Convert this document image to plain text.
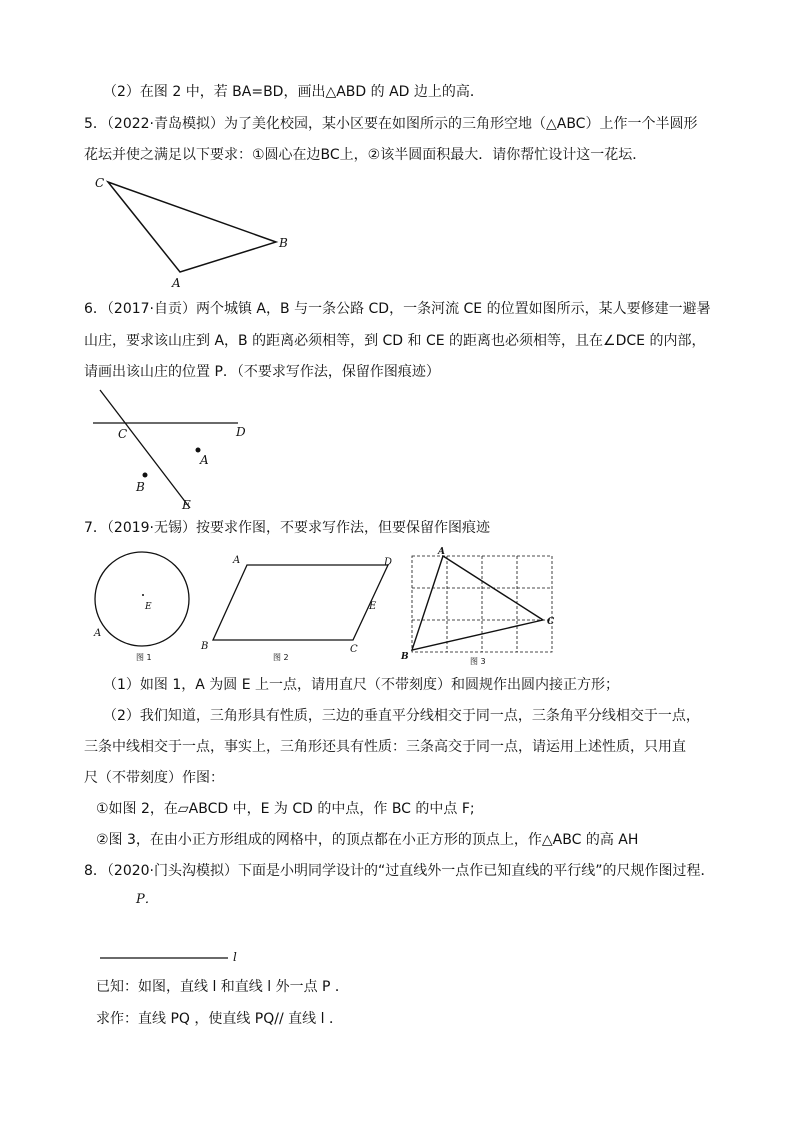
（2）在图 2 中，若 BA=BD，画出△ABD 的 AD 边上的高．
5．（2022·青岛模拟）为了美化校园，某小区要在如图所示的三角形空地（△ABC）上作一个半圆形
花坛并使之满足以下要求：①圆心在边BC上，②该半圆面积最大．请你帮忙设计这一花坛．
C
B
A
6．（2017·自贡）两个城镇 A，B 与一条公路 CD，一条河流 CE 的位置如图所示，某人要修建一避暑
山庄，要求该山庄到 A，B 的距离必须相等，到 CD 和 CE 的距离也必须相等，且在∠DCE 的内部，
请画出该山庄的位置 P．（不要求写作法，保留作图痕迹）
C	D
A
B
E
7．（2019·无锡）按要求作图，不要求写作法，但要保留作图痕迹
E
A
图 1
A	D
E
B	C
图 2
A
C
B	图 3
（1）如图 1，A 为圆 E 上一点，请用直尺（不带刻度）和圆规作出圆内接正方形；
（2）我们知道，三角形具有性质，三边的垂直平分线相交于同一点，三条角平分线相交于一点，
三条中线相交于一点，事实上，三角形还具有性质：三条高交于同一点，请运用上述性质，只用直
尺（不带刻度）作图：
①如图 2，在▱ABCD 中，E 为 CD 的中点，作 BC 的中点 F;
②图 3，在由小正方形组成的网格中，的顶点都在小正方形的顶点上，作△ABC 的高 AH
8．（2020·门头沟模拟）下面是小明同学设计的“过直线外一点作已知直线的平行线”的尺规作图过程．
P．
l
已知：如图，直线 l 和直线 l 外一点 P ．
求作：直线 PQ ，使直线 PQ// 直线 l ．
